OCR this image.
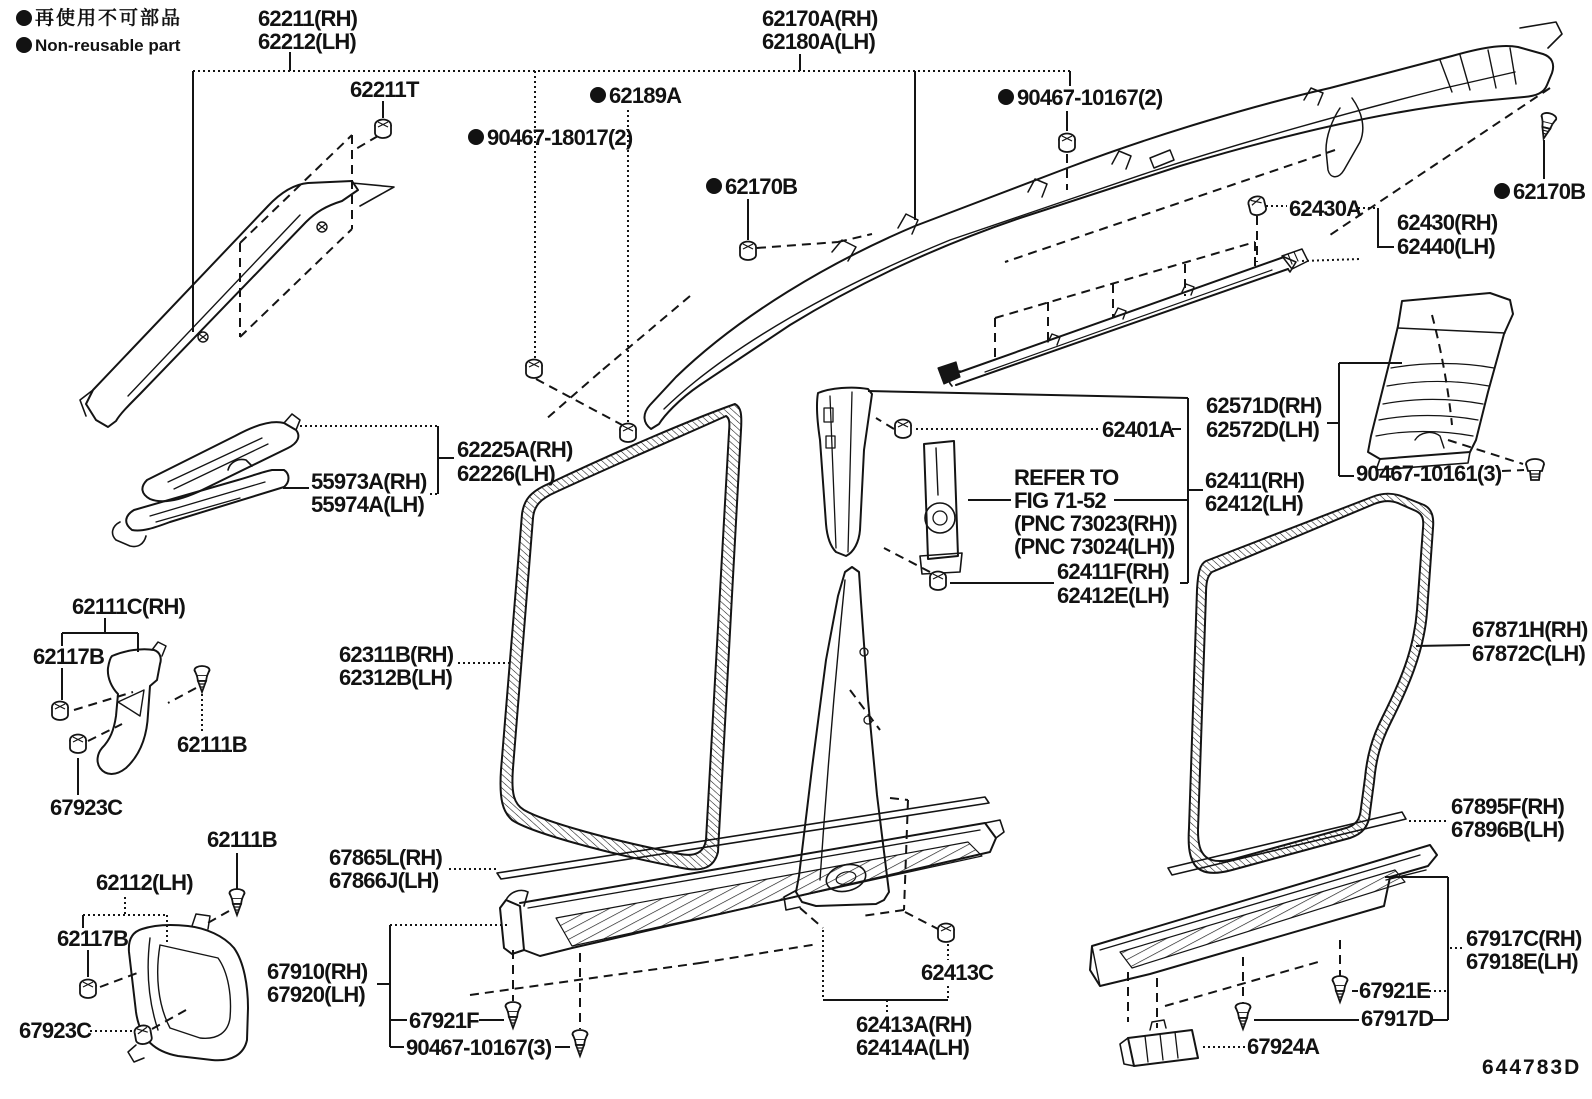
再使用不可部品
Non-reusable part
62211(RH)
62212(LH)
62211T
62170A(RH)
62180A(LH)
62189A
90467-18017(2)
62170B
90467-10167(2)
62170B
62430A
62430(RH)
62440(LH)
62571D(RH)
62572D(LH)
90467-10161(3)
62401A
REFER TO
FIG 71-52
(PNC 73023(RH))
(PNC 73024(LH))
62411(RH)
62412(LH)
62411F(RH)
62412E(LH)
62225A(RH)
62226(LH)
55973A(RH)
55974A(LH)
62311B(RH)
62312B(LH)
62111C(RH)
62117B
62111B
67923C
62111B
62112(LH)
62117B
67923C
67865L(RH)
67866J(LH)
67910(RH)
67920(LH)
67921F
90467-10167(3)
62413C
62413A(RH)
62414A(LH)
67871H(RH)
67872C(LH)
67895F(RH)
67896B(LH)
67917C(RH)
67918E(LH)
67921E
67917D
67924A
644783D
